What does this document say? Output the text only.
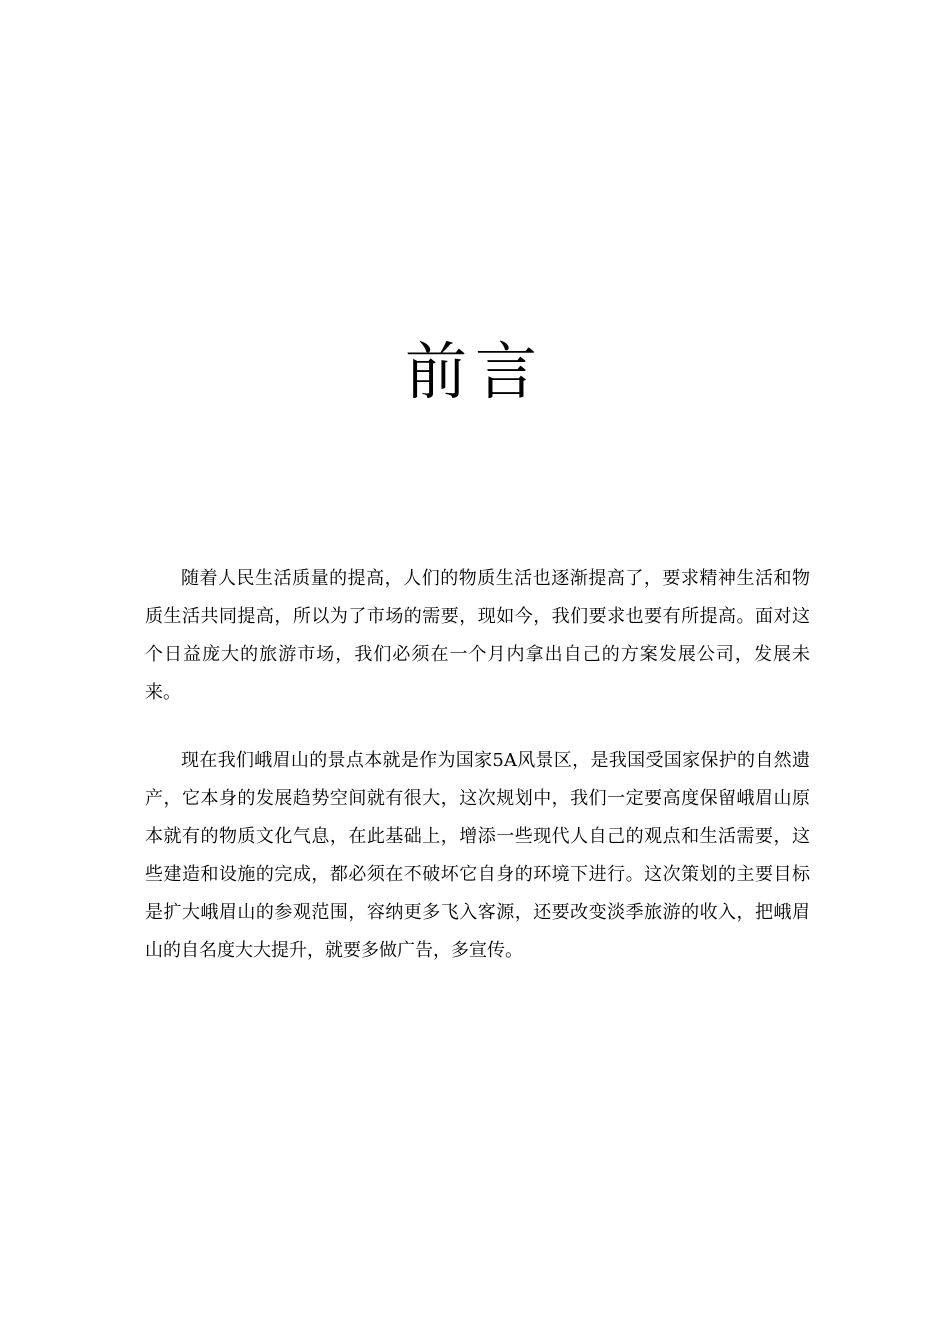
前言

随着人民生活质量的提高，人们的物质生活也逐渐提高了，要求精神生活和物质生活共同提高，所以为了市场的需要，现如今，我们要求也要有所提高。面对这个日益庞大的旅游市场，我们必须在一个月内拿出自己的方案发展公司，发展未来。

现在我们峨眉山的景点本就是作为国家5A风景区，是我国受国家保护的自然遗产，它本身的发展趋势空间就有很大，这次规划中，我们一定要高度保留峨眉山原本就有的物质文化气息，在此基础上，增添一些现代人自己的观点和生活需要，这些建造和设施的完成，都必须在不破坏它自身的环境下进行。这次策划的主要目标是扩大峨眉山的参观范围，容纳更多飞入客源，还要改变淡季旅游的收入，把峨眉山的自名度大大提升，就要多做广告，多宣传。
